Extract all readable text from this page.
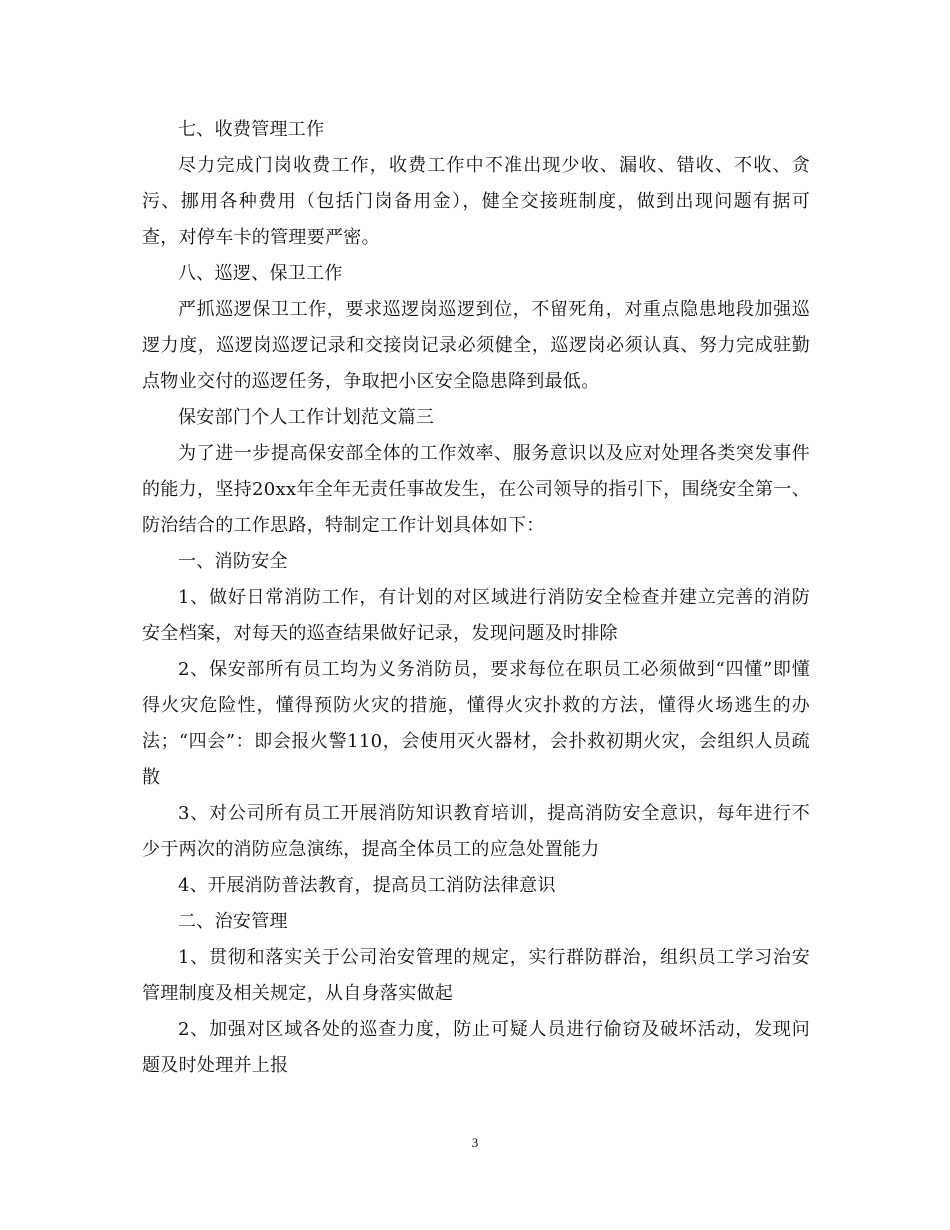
七、收费管理工作

尽力完成门岗收费工作，收费工作中不准出现少收、漏收、错收、不收、贪污、挪用各种费用（包括门岗备用金），健全交接班制度，做到出现问题有据可查，对停车卡的管理要严密。

八、巡逻、保卫工作

严抓巡逻保卫工作，要求巡逻岗巡逻到位，不留死角，对重点隐患地段加强巡逻力度，巡逻岗巡逻记录和交接岗记录必须健全，巡逻岗必须认真、努力完成驻勤点物业交付的巡逻任务，争取把小区安全隐患降到最低。

保安部门个人工作计划范文篇三

为了进一步提高保安部全体的工作效率、服务意识以及应对处理各类突发事件的能力，坚持20xx年全年无责任事故发生，在公司领导的指引下，围绕安全第一、防治结合的工作思路，特制定工作计划具体如下：

一、消防安全

1、做好日常消防工作，有计划的对区域进行消防安全检查并建立完善的消防安全档案，对每天的巡查结果做好记录，发现问题及时排除

2、保安部所有员工均为义务消防员，要求每位在职员工必须做到“四懂”即懂得火灾危险性，懂得预防火灾的措施，懂得火灾扑救的方法，懂得火场逃生的办法；“四会”：即会报火警110，会使用灭火器材，会扑救初期火灾，会组织人员疏散

3、对公司所有员工开展消防知识教育培训，提高消防安全意识，每年进行不少于两次的消防应急演练，提高全体员工的应急处置能力

4、开展消防普法教育，提高员工消防法律意识

二、治安管理

1、贯彻和落实关于公司治安管理的规定，实行群防群治，组织员工学习治安管理制度及相关规定，从自身落实做起

2、加强对区域各处的巡查力度，防止可疑人员进行偷窃及破坏活动，发现问题及时处理并上报

3
